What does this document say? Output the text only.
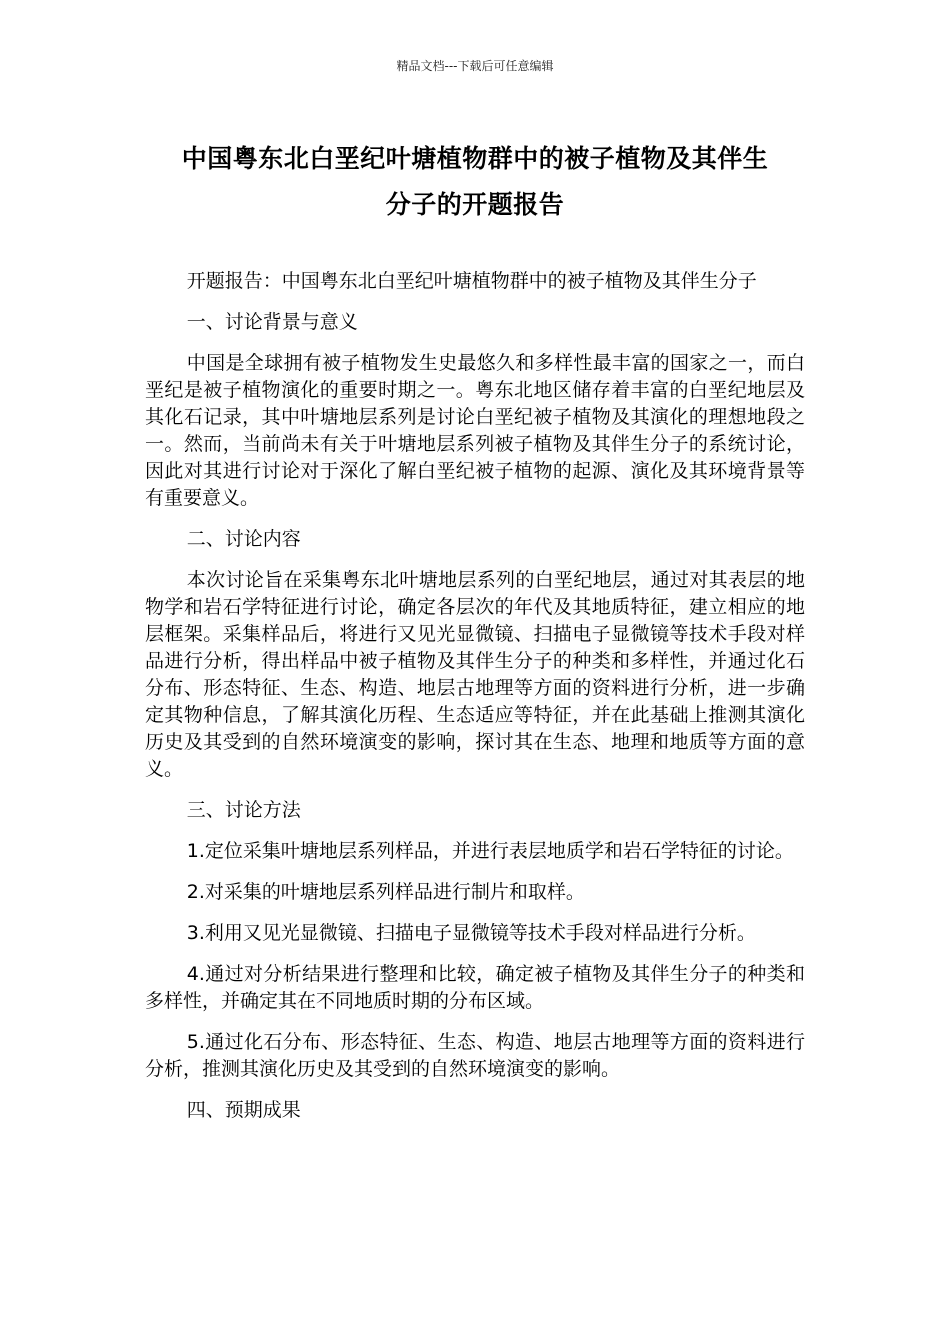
精品文档---下载后可任意编辑
中国粤东北白垩纪叶塘植物群中的被子植物及其伴生
分子的开题报告

开题报告：中国粤东北白垩纪叶塘植物群中的被子植物及其伴生分子

一、讨论背景与意义

中国是全球拥有被子植物发生史最悠久和多样性最丰富的国家之一，而白垩纪是被子植物演化的重要时期之一。粤东北地区储存着丰富的白垩纪地层及其化石记录，其中叶塘地层系列是讨论白垩纪被子植物及其演化的理想地段之一。然而，当前尚未有关于叶塘地层系列被子植物及其伴生分子的系统讨论，因此对其进行讨论对于深化了解白垩纪被子植物的起源、演化及其环境背景等有重要意义。

二、讨论内容

本次讨论旨在采集粤东北叶塘地层系列的白垩纪地层，通过对其表层的地物学和岩石学特征进行讨论，确定各层次的年代及其地质特征，建立相应的地层框架。采集样品后，将进行又见光显微镜、扫描电子显微镜等技术手段对样品进行分析，得出样品中被子植物及其伴生分子的种类和多样性，并通过化石分布、形态特征、生态、构造、地层古地理等方面的资料进行分析，进一步确定其物种信息，了解其演化历程、生态适应等特征，并在此基础上推测其演化历史及其受到的自然环境演变的影响，探讨其在生态、地理和地质等方面的意义。

三、讨论方法

1.定位采集叶塘地层系列样品，并进行表层地质学和岩石学特征的讨论。

2.对采集的叶塘地层系列样品进行制片和取样。

3.利用又见光显微镜、扫描电子显微镜等技术手段对样品进行分析。

4.通过对分析结果进行整理和比较，确定被子植物及其伴生分子的种类和多样性，并确定其在不同地质时期的分布区域。

5.通过化石分布、形态特征、生态、构造、地层古地理等方面的资料进行分析，推测其演化历史及其受到的自然环境演变的影响。

四、预期成果
